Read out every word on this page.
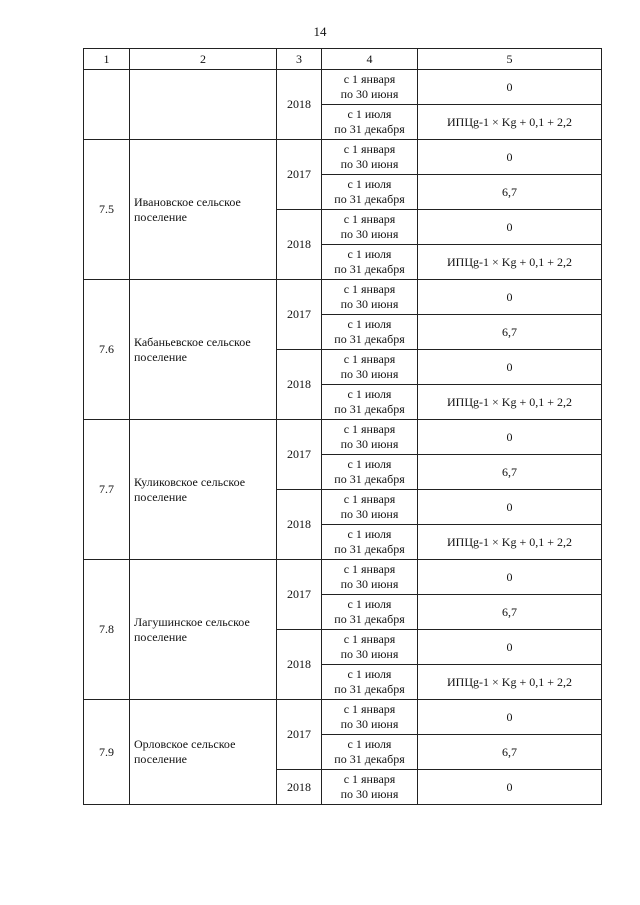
14
1	2	3	4	5
		2018	с 1 января
по 30 июня	0
			с 1 июля
по 31 декабря	ИПЦg-1 × Kg + 0,1 + 2,2
7.5	Ивановское сельское поселение	2017	с 1 января
по 30 июня	0
			с 1 июля
по 31 декабря	6,7
		2018	с 1 января
по 30 июня	0
			с 1 июля
по 31 декабря	ИПЦg-1 × Kg + 0,1 + 2,2
7.6	Кабаньевское сельское поселение	2017	с 1 января
по 30 июня	0
			с 1 июля
по 31 декабря	6,7
		2018	с 1 января
по 30 июня	0
			с 1 июля
по 31 декабря	ИПЦg-1 × Kg + 0,1 + 2,2
7.7	Куликовское сельское поселение	2017	с 1 января
по 30 июня	0
			с 1 июля
по 31 декабря	6,7
		2018	с 1 января
по 30 июня	0
			с 1 июля
по 31 декабря	ИПЦg-1 × Kg + 0,1 + 2,2
7.8	Лагушинское сельское поселение	2017	с 1 января
по 30 июня	0
			с 1 июля
по 31 декабря	6,7
		2018	с 1 января
по 30 июня	0
			с 1 июля
по 31 декабря	ИПЦg-1 × Kg + 0,1 + 2,2
7.9	Орловское сельское поселение	2017	с 1 января
по 30 июня	0
			с 1 июля
по 31 декабря	6,7
		2018	с 1 января
по 30 июня	0
